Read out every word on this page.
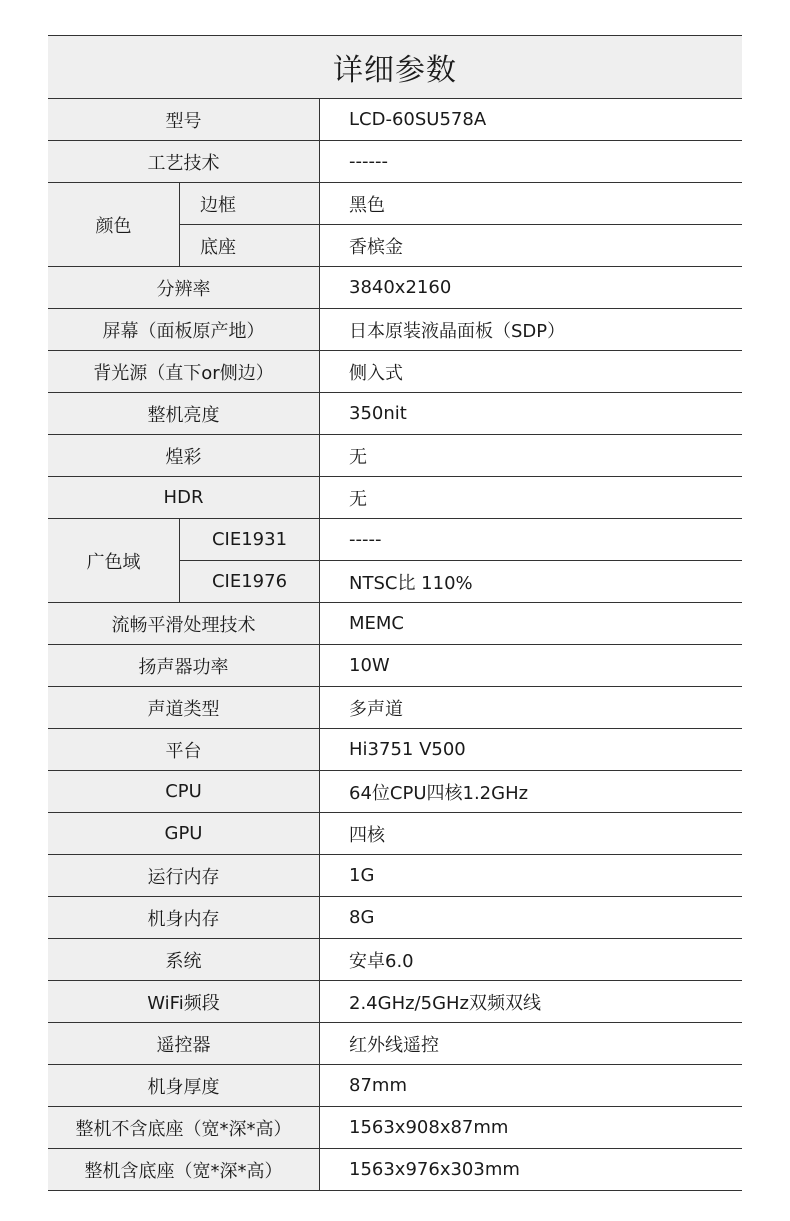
详细参数
型号	LCD-60SU578A
工艺技术	------
颜色
边框	黑色
底座	香槟金
分辨率	3840x2160
屏幕（面板原产地）	日本原装液晶面板（SDP）
背光源（直下or侧边）	侧入式
整机亮度	350nit
煌彩	无
HDR	无
广色域
CIE1931	-----
CIE1976	NTSC比 110%
流畅平滑处理技术	MEMC
扬声器功率	10W
声道类型	多声道
平台	Hi3751 V500
CPU	64位CPU四核1.2GHz
GPU	四核
运行内存	1G
机身内存	8G
系统	安卓6.0
WiFi频段	2.4GHz/5GHz双频双线
遥控器	红外线遥控
机身厚度	87mm
整机不含底座（宽*深*高）	1563x908x87mm
整机含底座（宽*深*高）	1563x976x303mm
